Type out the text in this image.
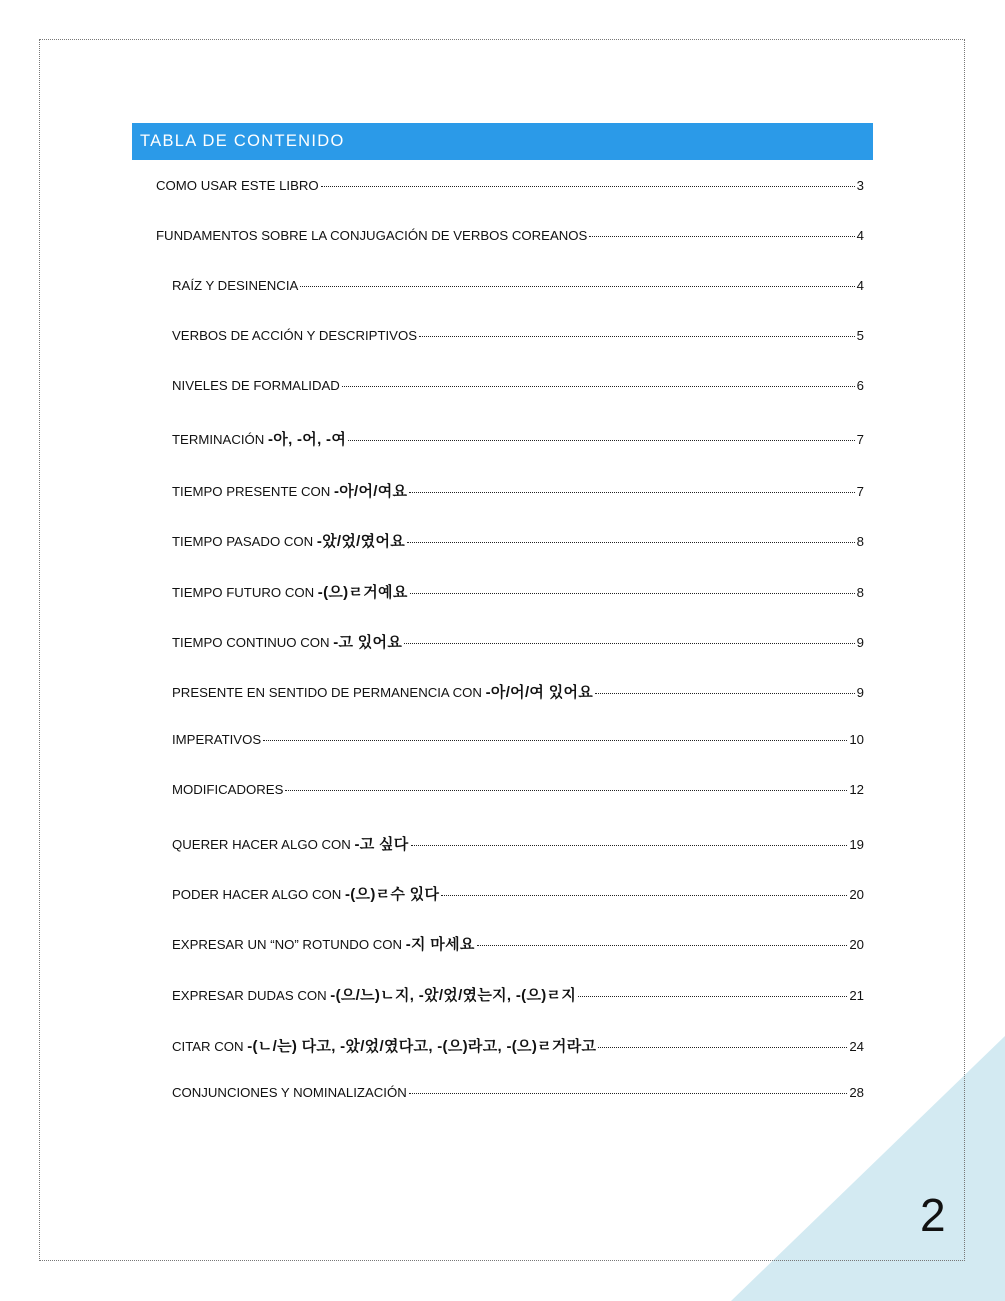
TABLA DE CONTENIDO
COMO USAR ESTE LIBRO	3
FUNDAMENTOS SOBRE LA CONJUGACIÓN DE VERBOS COREANOS	4
RAÍZ Y DESINENCIA	4
VERBOS DE ACCIÓN Y DESCRIPTIVOS	5
NIVELES DE FORMALIDAD	6
TERMINACIÓN -아, -어, -여	7
TIEMPO PRESENTE CON -아/어/여요	7
TIEMPO PASADO CON -았/었/였어요	8
TIEMPO FUTURO CON -(으)ㄹ거예요	8
TIEMPO CONTINUO CON -고 있어요	9
PRESENTE EN SENTIDO DE PERMANENCIA CON -아/어/여 있어요	9
IMPERATIVOS	10
MODIFICADORES	12
QUERER HACER ALGO CON -고 싶다	19
PODER HACER ALGO CON -(으)ㄹ수 있다	20
EXPRESAR UN “NO” ROTUNDO CON -지 마세요	20
EXPRESAR DUDAS CON -(으/느)ㄴ지, -았/었/였는지, -(으)ㄹ지	21
CITAR CON -(ㄴ/는) 다고, -았/었/였다고, -(으)라고, -(으)ㄹ거라고	24
CONJUNCIONES Y NOMINALIZACIÓN	28
2
